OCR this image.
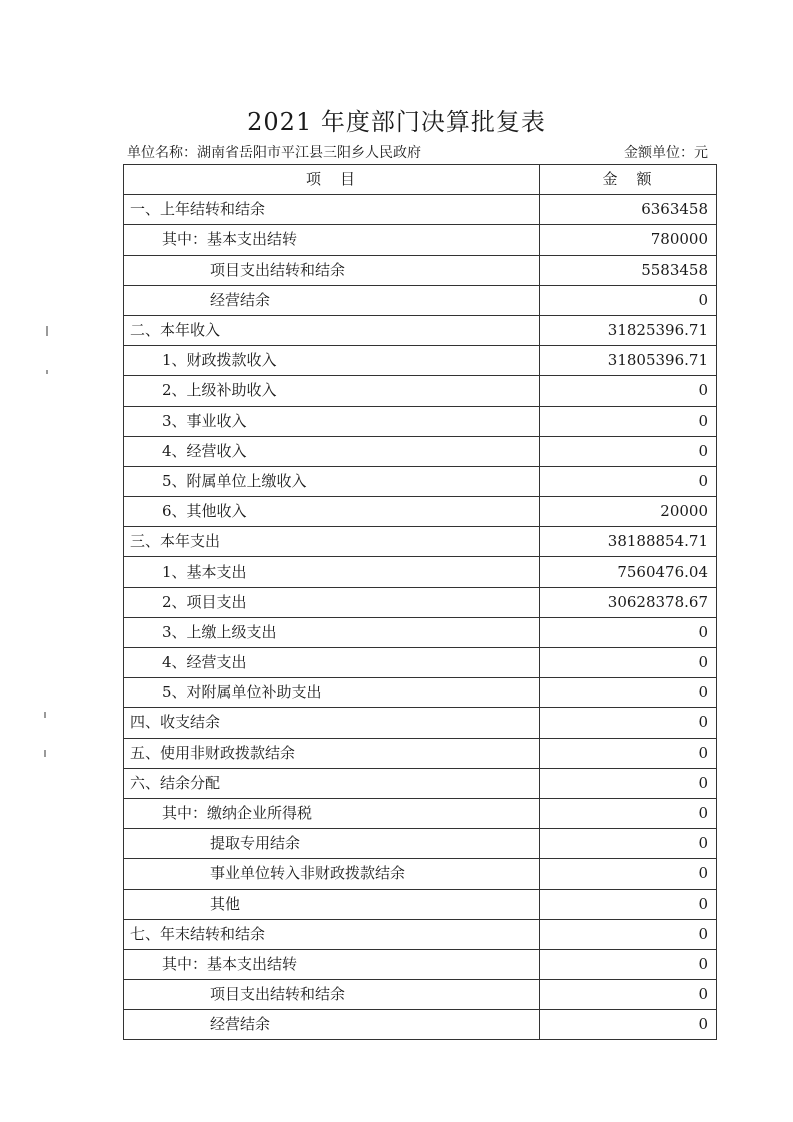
2021 年度部门决算批复表
单位名称：湖南省岳阳市平江县三阳乡人民政府	金额单位：元
项　目	金　额
一、上年结转和结余	6363458
其中：基本支出结转	780000
项目支出结转和结余	5583458
经营结余	0
二、本年收入	31825396.71
1、财政拨款收入	31805396.71
2、上级补助收入	0
3、事业收入	0
4、经营收入	0
5、附属单位上缴收入	0
6、其他收入	20000
三、本年支出	38188854.71
1、基本支出	7560476.04
2、项目支出	30628378.67
3、上缴上级支出	0
4、经营支出	0
5、对附属单位补助支出	0
四、收支结余	0
五、使用非财政拨款结余	0
六、结余分配	0
其中：缴纳企业所得税	0
提取专用结余	0
事业单位转入非财政拨款结余	0
其他	0
七、年末结转和结余	0
其中：基本支出结转	0
项目支出结转和结余	0
经营结余	0
